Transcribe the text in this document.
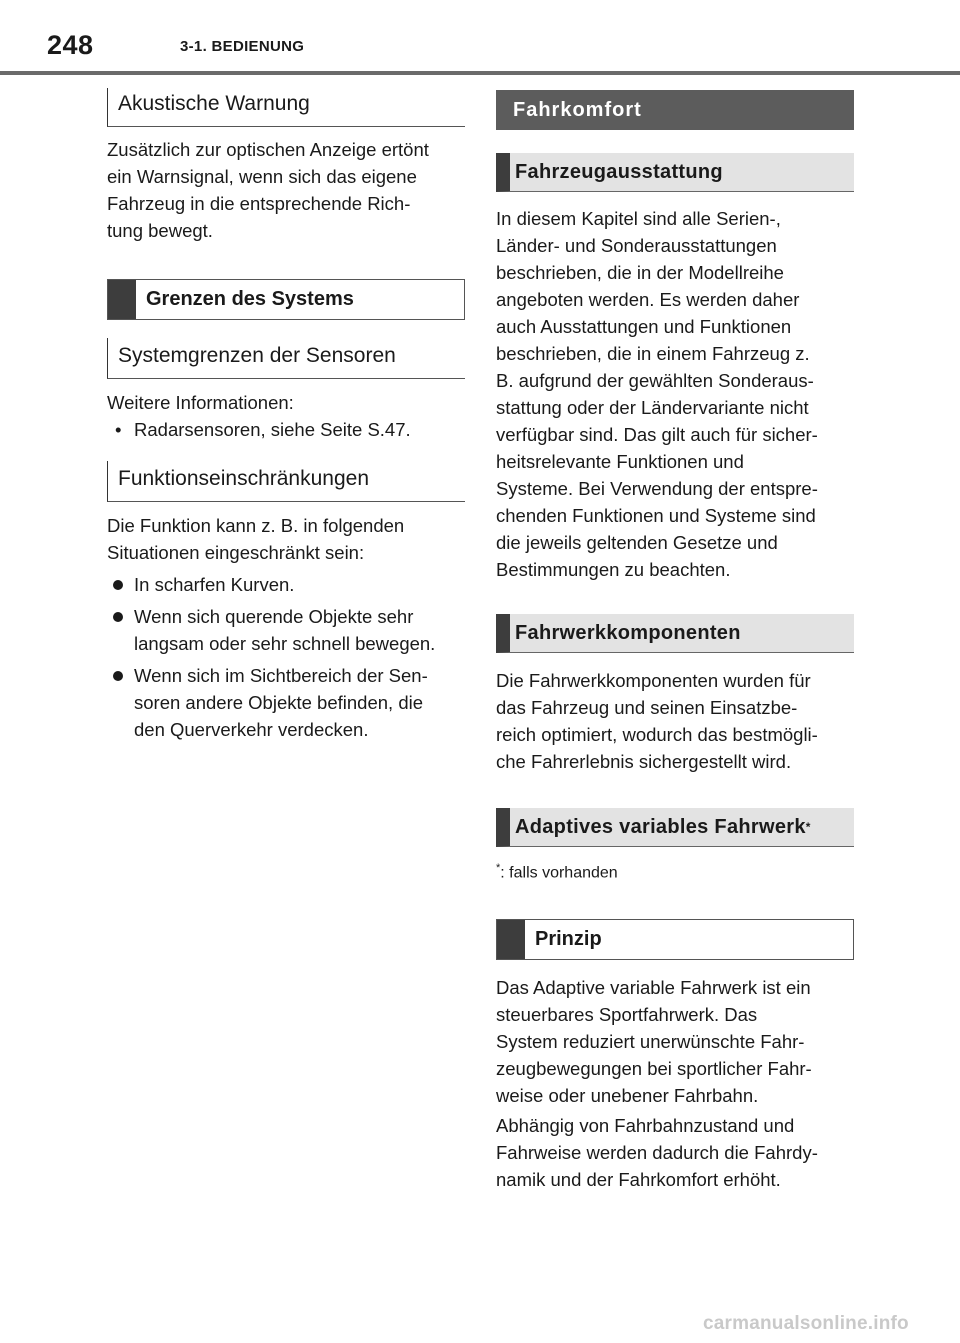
248	3-1. BEDIENUNG
Akustische Warnung

Zusätzlich zur optischen Anzeige ertönt
ein Warnsignal, wenn sich das eigene
Fahrzeug in die entsprechende Rich-
tung bewegt.

Grenzen des Systems
Systemgrenzen der Sensoren

Weitere Informationen:

• Radarsensoren, siehe Seite S.47.
Funktionseinschränkungen

Die Funktion kann z. B. in folgenden
Situationen eingeschränkt sein:

In scharfen Kurven.
Wenn sich querende Objekte sehr
langsam oder sehr schnell bewegen.
Wenn sich im Sichtbereich der Sen-
soren andere Objekte befinden, die
den Querverkehr verdecken.
Fahrkomfort
Fahrzeugausstattung

In diesem Kapitel sind alle Serien-,
Länder- und Sonderausstattungen
beschrieben, die in der Modellreihe
angeboten werden. Es werden daher
auch Ausstattungen und Funktionen
beschrieben, die in einem Fahrzeug z.
B. aufgrund der gewählten Sonderaus-
stattung oder der Ländervariante nicht
verfügbar sind. Das gilt auch für sicher-
heitsrelevante Funktionen und
Systeme. Bei Verwendung der entspre-
chenden Funktionen und Systeme sind
die jeweils geltenden Gesetze und
Bestimmungen zu beachten.

Fahrwerkkomponenten

Die Fahrwerkkomponenten wurden für
das Fahrzeug und seinen Einsatzbe-
reich optimiert, wodurch das bestmögli-
che Fahrerlebnis sichergestellt wird.

Adaptives variables Fahrwerk *
*: falls vorhanden
Prinzip

Das Adaptive variable Fahrwerk ist ein
steuerbares Sportfahrwerk. Das
System reduziert unerwünschte Fahr-
zeugbewegungen bei sportlicher Fahr-
weise oder unebener Fahrbahn.

Abhängig von Fahrbahnzustand und
Fahrweise werden dadurch die Fahrdy-
namik und der Fahrkomfort erhöht.

carmanualsonline.info
